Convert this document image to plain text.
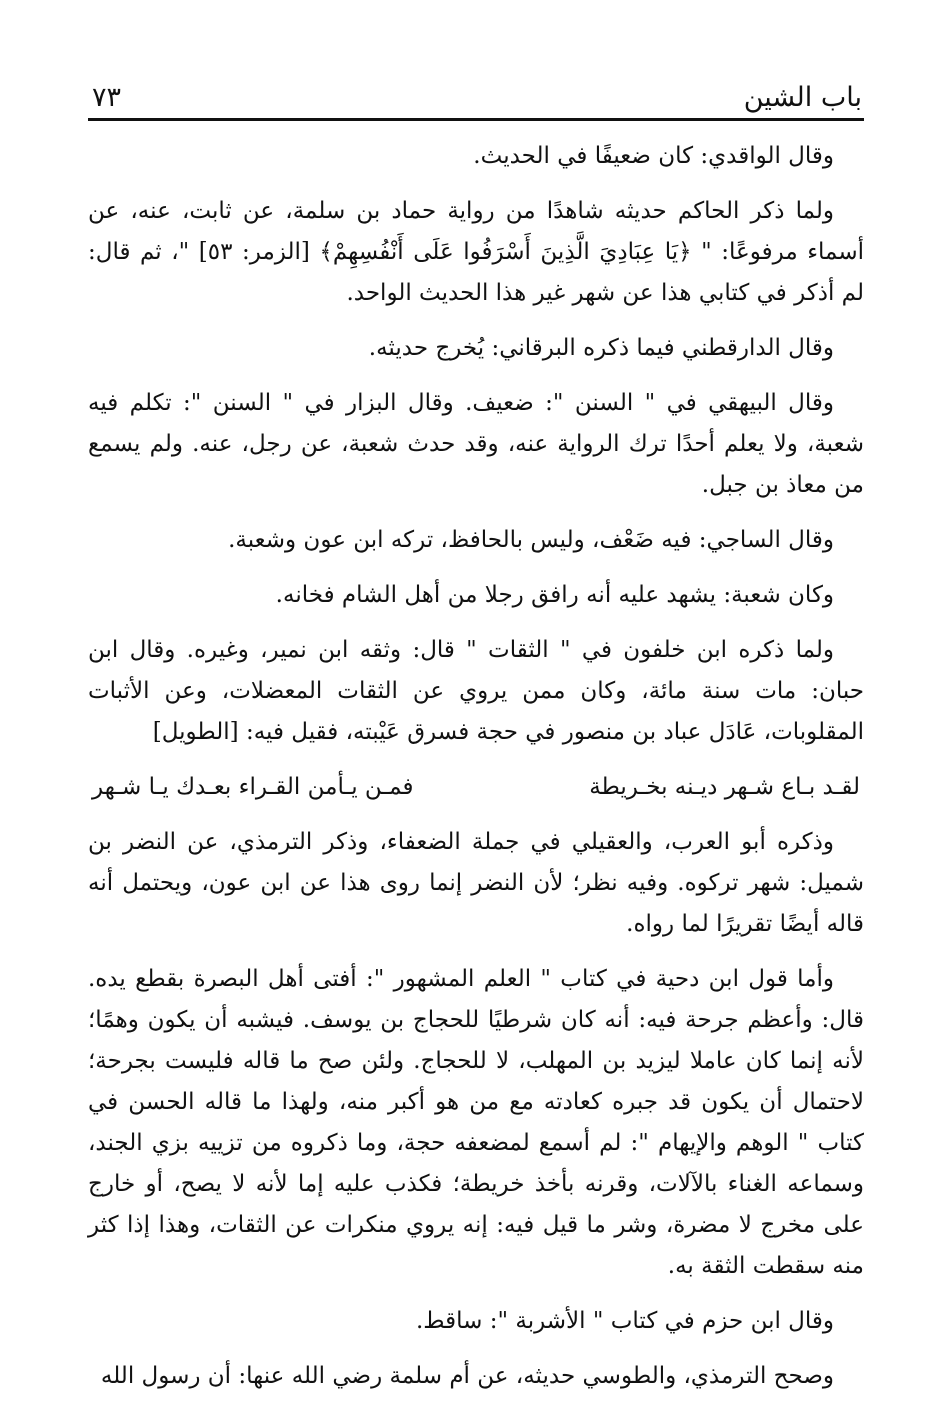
باب الشين
٧٣

وقال الواقدي: كان ضعيفًا في الحديث.

ولما ذكر الحاكم حديثه شاهدًا من رواية حماد بن سلمة، عن ثابت، عنه، عن أسماء مرفوعًا: " ﴿يَا عِبَادِيَ الَّذِينَ أَسْرَفُوا عَلَى أَنْفُسِهِمْ﴾ [الزمر: ٥٣] "، ثم قال: لم أذكر في كتابي هذا عن شهر غير هذا الحديث الواحد.

وقال الدارقطني فيما ذكره البرقاني: يُخرج حديثه.

وقال البيهقي في " السنن ": ضعيف. وقال البزار في " السنن ": تكلم فيه شعبة، ولا يعلم أحدًا ترك الرواية عنه، وقد حدث شعبة، عن رجل، عنه. ولم يسمع من معاذ بن جبل.

وقال الساجي: فيه ضَعْف، وليس بالحافظ، تركه ابن عون وشعبة.

وكان شعبة: يشهد عليه أنه رافق رجلا من أهل الشام فخانه.

ولما ذكره ابن خلفون في " الثقات " قال: وثقه ابن نمير، وغيره. وقال ابن حبان: مات سنة مائة، وكان ممن يروي عن الثقات المعضلات، وعن الأثبات المقلوبات، عَادَل عباد بن منصور في حجة فسرق عَيْبته، فقيل فيه: [الطويل]

لقـد بـاع شـهر ديـنه بخـريطة
فمـن يـأمن القـراء بعـدك يـا شـهر

وذكره أبو العرب، والعقيلي في جملة الضعفاء، وذكر الترمذي، عن النضر بن شميل: شهر تركوه. وفيه نظر؛ لأن النضر إنما روى هذا عن ابن عون، ويحتمل أنه قاله أيضًا تقريرًا لما رواه.

وأما قول ابن دحية في كتاب " العلم المشهور ": أفتى أهل البصرة بقطع يده. قال: وأعظم جرحة فيه: أنه كان شرطيًا للحجاج بن يوسف. فيشبه أن يكون وهمًا؛ لأنه إنما كان عاملا ليزيد بن المهلب، لا للحجاج. ولئن صح ما قاله فليست بجرحة؛ لاحتمال أن يكون قد جبره كعادته مع من هو أكبر منه، ولهذا ما قاله الحسن في كتاب " الوهم والإيهام ": لم أسمع لمضعفه حجة، وما ذكروه من تزييه بزي الجند، وسماعه الغناء بالآلات، وقرنه بأخذ خريطة؛ فكذب عليه إما لأنه لا يصح، أو خارج على مخرج لا مضرة، وشر ما قيل فيه: إنه يروي منكرات عن الثقات، وهذا إذا كثر منه سقطت الثقة به.

وقال ابن حزم في كتاب " الأشربة ": ساقط.

وصحح الترمذي، والطوسي حديثه، عن أم سلمة رضي الله عنها: أن رسول الله
